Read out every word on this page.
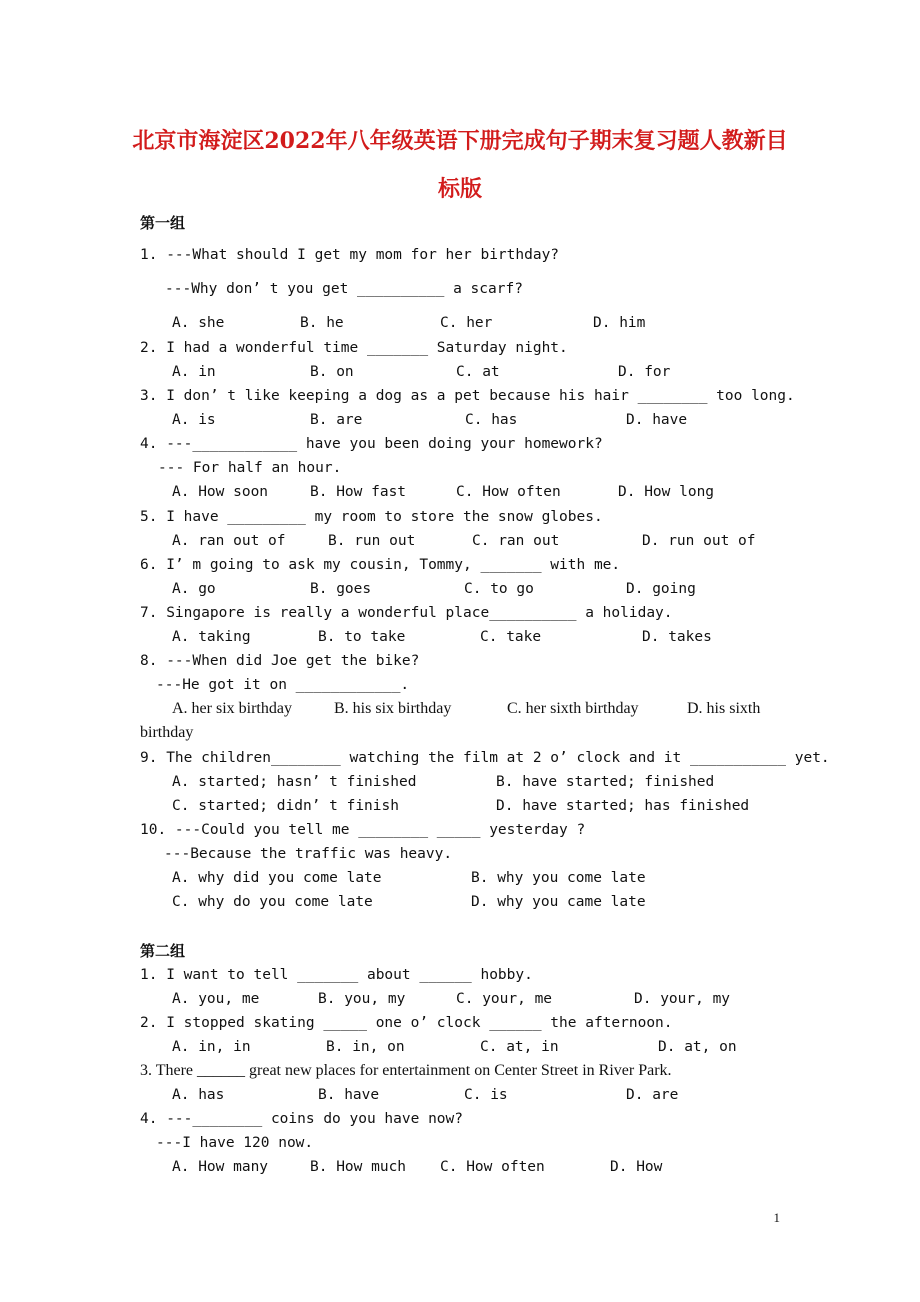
北京市海淀区2022年八年级英语下册完成句子期末复习题人教新目
标版
第一组
1. ---What should I get my mom for her birthday?
---Why don’ t you get __________ a scarf?
A. she	B. he	C. her	D. him
2. I had a wonderful time _______ Saturday night.
A. in	B. on	C. at	D. for
3. I don’ t like keeping a dog as a pet because his hair ________ too long.
A. is	B. are	C. has	D. have
4. ---____________ have you been doing your homework?
--- For half an hour.
A. How soon	B. How fast	C. How often	D. How long
5. I have _________ my room to store the snow globes.
A. ran out of	B. run out	C. ran out	D. run out of
6. I’ m going to ask my cousin, Tommy, _______ with me.
A. go	B. goes	C. to go	D. going
7. Singapore is really a wonderful place__________ a holiday.
A. taking	B. to take	C. take	D. takes
8. ---When did Joe get the bike?
---He got it on ____________.
A. her six birthday	B. his six birthday	C. her sixth birthday	D. his sixth
birthday
9. The children________ watching the film at 2 o’ clock and it ___________ yet.
A. started; hasn’ t finished	B. have started; finished
C. started; didn’ t finish	D. have started; has finished
10. ---Could you tell me ________ _____ yesterday ?
---Because the traffic was heavy.
A. why did you come late	B. why you come late
C. why do you come late	D. why you came late
第二组
1. I want to tell _______ about ______ hobby.
A. you, me	B. you, my	C. your, me	D. your, my
2. I stopped skating _____ one o’ clock ______ the afternoon.
A. in, in	B. in, on	C. at, in	D. at, on
3. There ______ great new places for entertainment on Center Street in River Park.
A. has	B. have	C. is	D. are
4. ---________ coins do you have now?
---I have 120 now.
A. How many	B. How much C. How often	D. How
1
